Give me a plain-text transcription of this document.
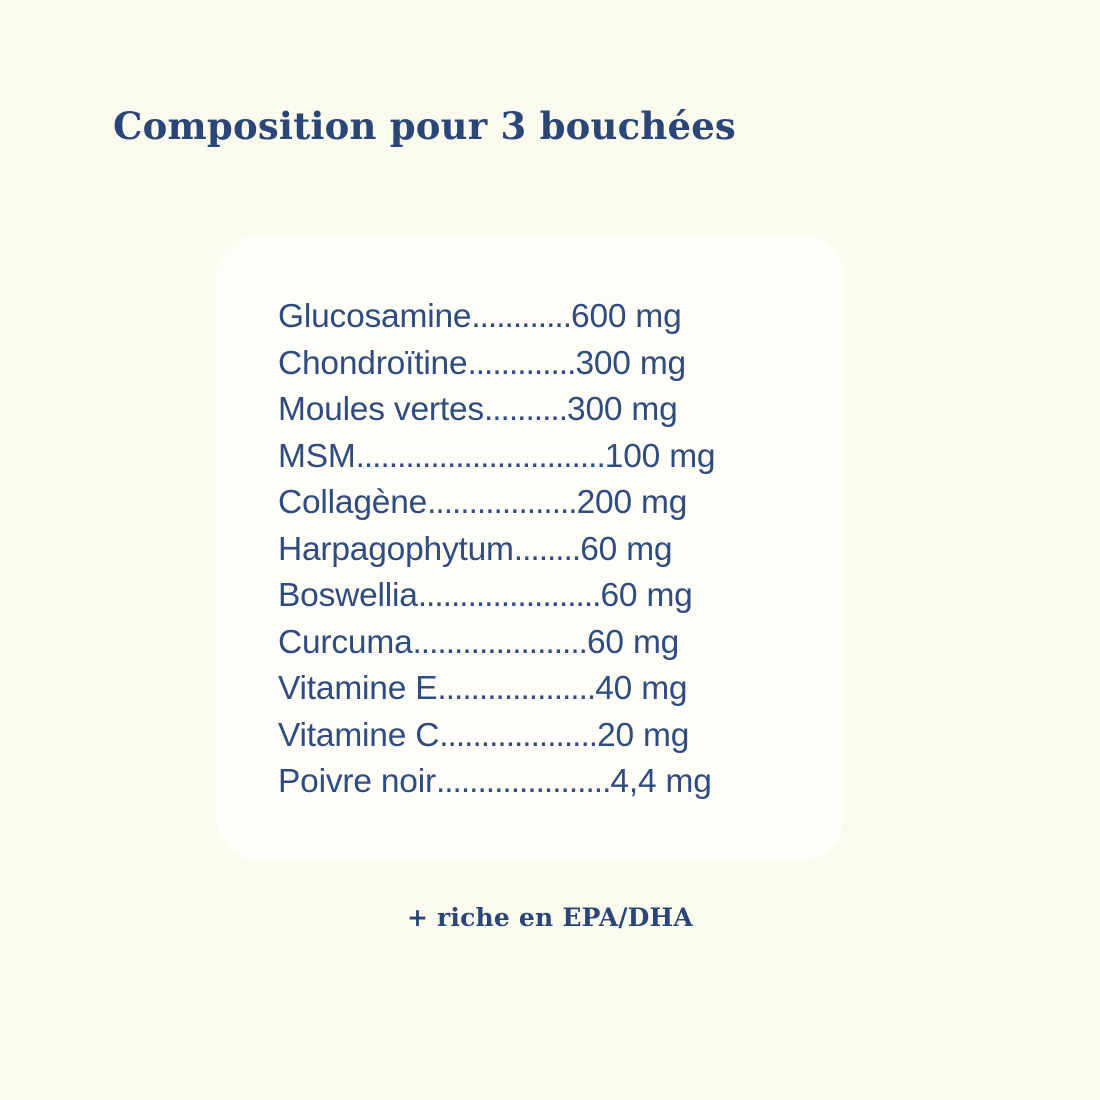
Composition pour 3 bouchées
Glucosamine............600 mg
Chondroïtine.............300 mg
Moules vertes..........300 mg
MSM..............................100 mg
Collagène..................200 mg
Harpagophytum........60 mg
Boswellia......................60 mg
Curcuma.....................60 mg
Vitamine E...................40 mg
Vitamine C...................20 mg
Poivre noir.....................4,4 mg
+ riche en EPA/DHA
